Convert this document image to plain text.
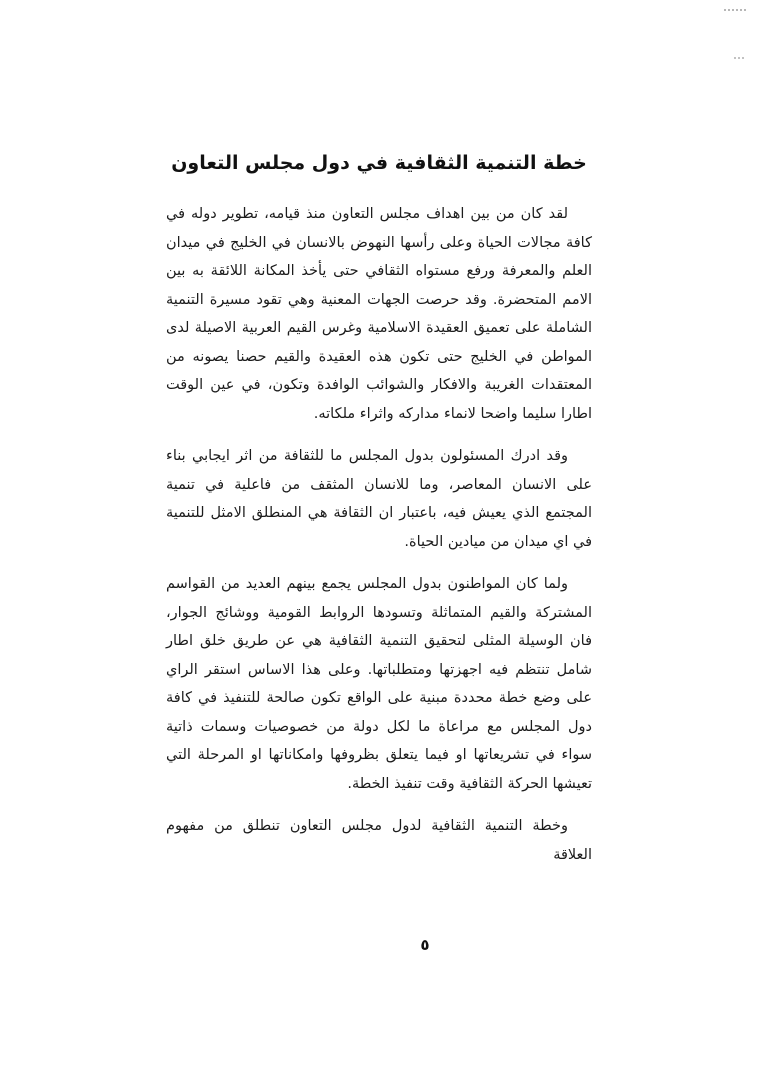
خطة التنمية الثقافية في دول مجلس التعاون

لقد كان من بين اهداف مجلس التعاون منذ قيامه، تطوير دوله في كافة مجالات الحياة وعلى رأسها النهوض بالانسان في الخليج في ميدان العلم والمعرفة ورفع مستواه الثقافي حتى يأخذ المكانة اللائقة به بين الامم المتحضرة. وقد حرصت الجهات المعنية وهي تقود مسيرة التنمية الشاملة على تعميق العقيدة الاسلامية وغرس القيم العربية الاصيلة لدى المواطن في الخليج حتى تكون هذه العقيدة والقيم حصنا يصونه من المعتقدات الغريبة والافكار والشوائب الوافدة وتكون، في عين الوقت اطارا سليما واضحا لانماء مداركه واثراء ملكاته.

وقد ادرك المسئولون بدول المجلس ما للثقافة من اثر ايجابي بناء على الانسان المعاصر، وما للانسان المثقف من فاعلية في تنمية المجتمع الذي يعيش فيه، باعتبار ان الثقافة هي المنطلق الامثل للتنمية في اي ميدان من ميادين الحياة.

ولما كان المواطنون بدول المجلس يجمع بينهم العديد من القواسم المشتركة والقيم المتماثلة وتسودها الروابط القومية ووشائج الجوار، فان الوسيلة المثلى لتحقيق التنمية الثقافية هي عن طريق خلق اطار شامل تنتظم فيه اجهزتها ومتطلباتها. وعلى هذا الاساس استقر الراي على وضع خطة محددة مبنية على الواقع تكون صالحة للتنفيذ في كافة دول المجلس مع مراعاة ما لكل دولة من خصوصيات وسمات ذاتية سواء في تشريعاتها او فيما يتعلق بظروفها وامكاناتها او المرحلة التي تعيشها الحركة الثقافية وقت تنفيذ الخطة.

وخطة التنمية الثقافية لدول مجلس التعاون تنطلق من مفهوم العلاقة

٥
